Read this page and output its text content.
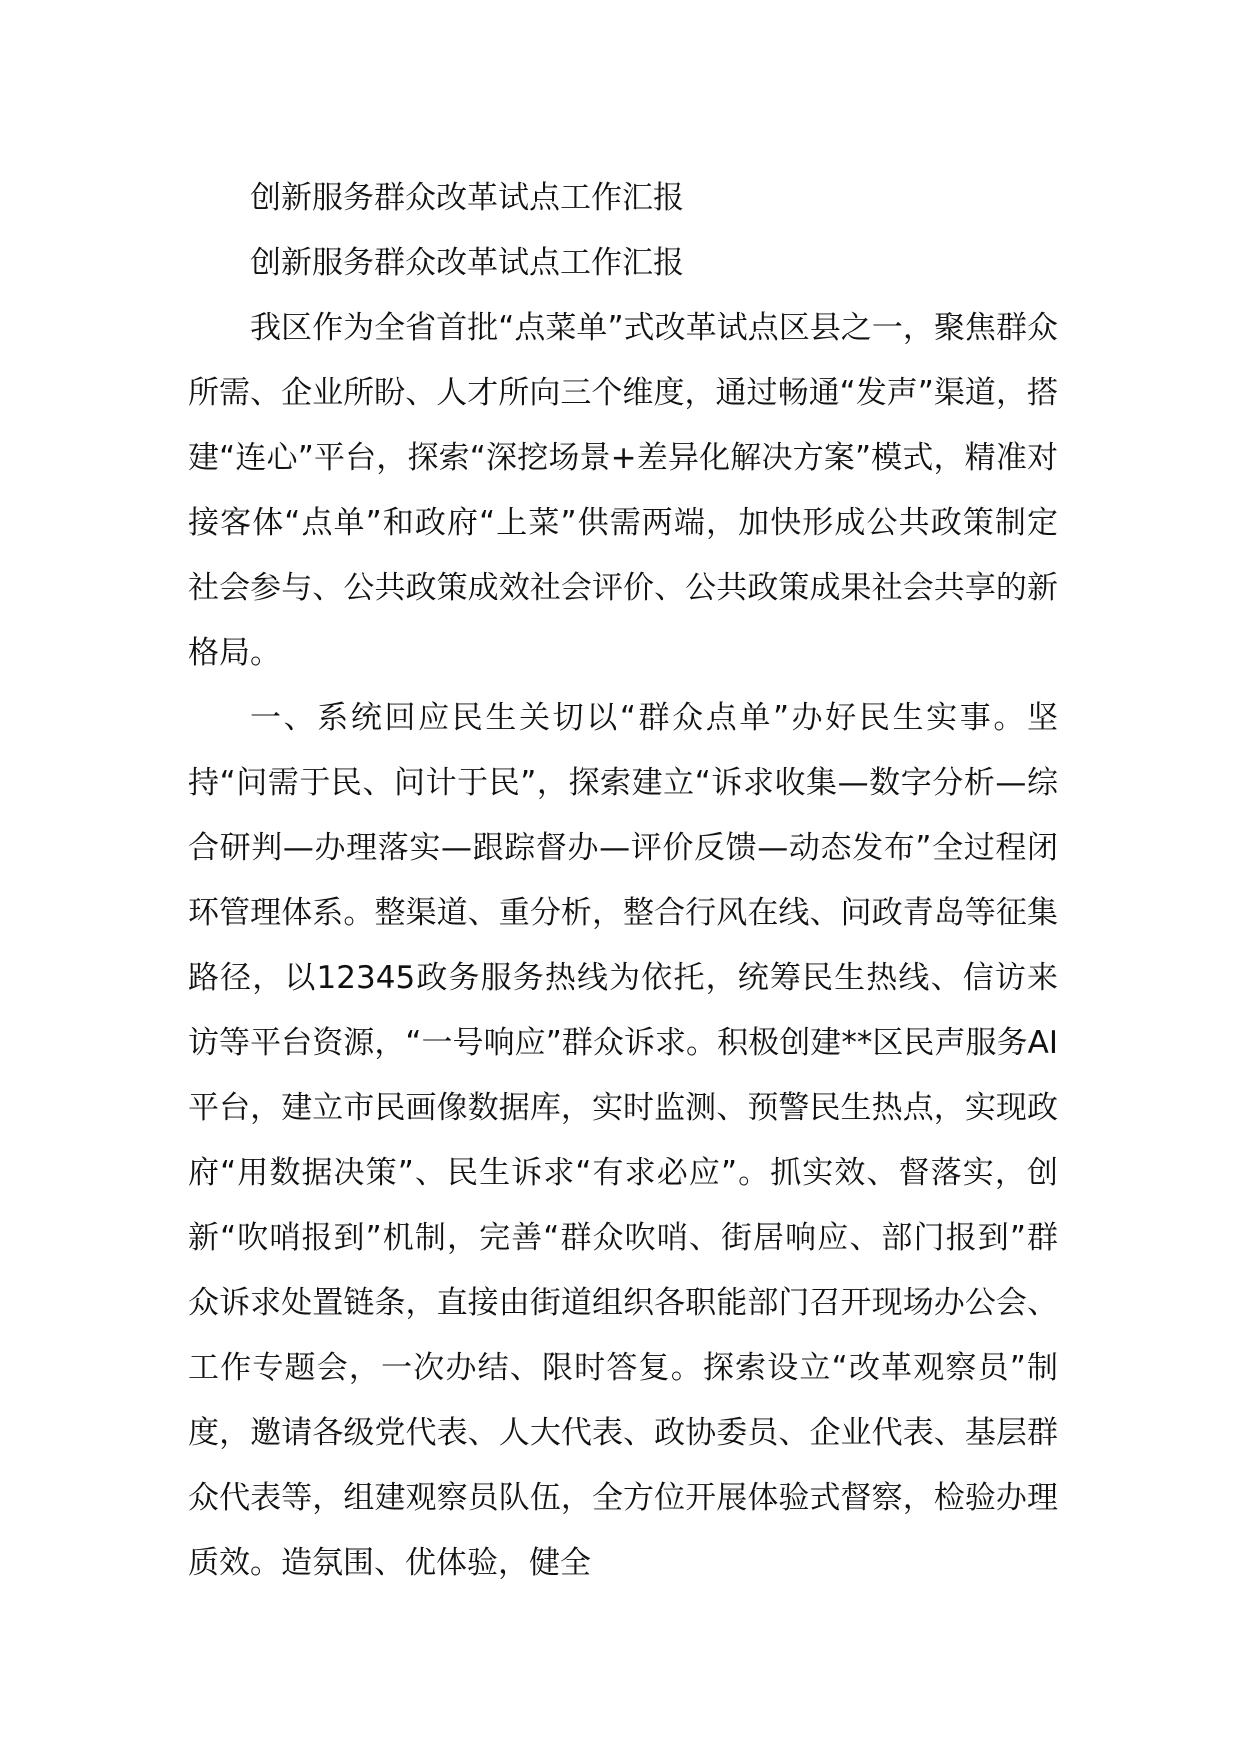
创新服务群众改革试点工作汇报

创新服务群众改革试点工作汇报

我区作为全省首批“点菜单”式改革试点区县之一，聚焦群众所需、企业所盼、人才所向三个维度，通过畅通“发声”渠道，搭建“连心”平台，探索“深挖场景+差异化解决方案”模式，精准对接客体“点单”和政府“上菜”供需两端，加快形成公共政策制定社会参与、公共政策成效社会评价、公共政策成果社会共享的新格局。

一、系统回应民生关切以“群众点单”办好民生实事。坚持“问需于民、问计于民”，探索建立“诉求收集—数字分析—综合研判—办理落实—跟踪督办—评价反馈—动态发布”全过程闭环管理体系。整渠道、重分析，整合行风在线、问政青岛等征集路径，以12345政务服务热线为依托，统筹民生热线、信访来访等平台资源，“一号响应”群众诉求。积极创建**区民声服务AI平台，建立市民画像数据库，实时监测、预警民生热点，实现政府“用数据决策”、民生诉求“有求必应”。抓实效、督落实，创新“吹哨报到”机制，完善“群众吹哨、街居响应、部门报到”群众诉求处置链条，直接由街道组织各职能部门召开现场办公会、工作专题会，一次办结、限时答复。探索设立“改革观察员”制度，邀请各级党代表、人大代表、政协委员、企业代表、基层群众代表等，组建观察员队伍，全方位开展体验式督察，检验办理质效。造氛围、优体验，健全
